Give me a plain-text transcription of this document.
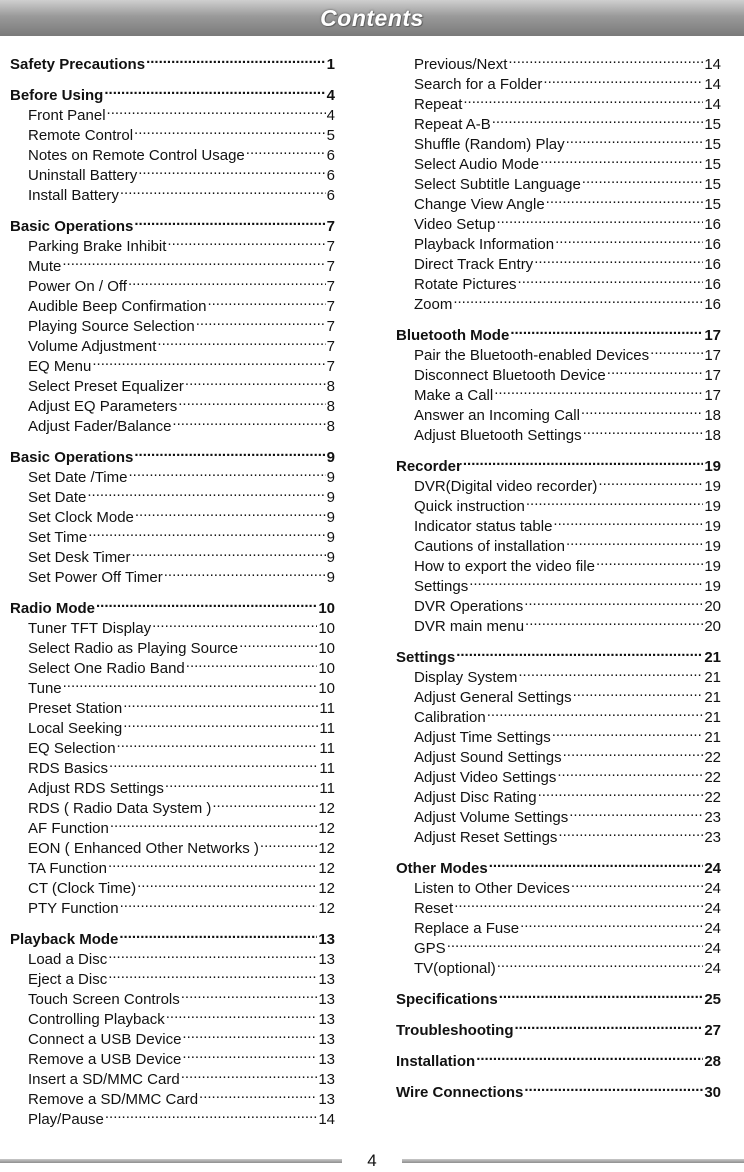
Contents
Safety Precautions .....	1
Before Using .....	4
Front Panel .....	4
Remote Control .....	5
Notes on Remote Control Usage .....	6
Uninstall Battery .....	6
Install Battery .....	6
Basic Operations .....	7
Parking Brake Inhibit .....	7
Mute .....	7
Power On / Off .....	7
Audible Beep Confirmation .....	7
Playing Source Selection .....	7
Volume Adjustment .....	7
EQ Menu .....	7
Select Preset Equalizer .....	8
Adjust EQ Parameters .....	8
Adjust Fader/Balance .....	8
Basic Operations .....	9
Set Date /Time .....	9
Set Date .....	9
Set Clock Mode .....	9
Set Time .....	9
Set Desk Timer .....	9
Set Power Off Timer .....	9
Radio Mode .....	10
Tuner TFT Display .....	10
Select Radio as Playing Source .....	10
Select One Radio Band .....	10
Tune .....	10
Preset Station .....	11
Local Seeking .....	11
EQ Selection .....	11
RDS Basics .....	11
Adjust RDS Settings .....	11
RDS ( Radio Data System ) .....	12
AF Function .....	12
EON ( Enhanced Other Networks ) .....	12
TA Function .....	12
CT (Clock Time) .....	12
PTY Function .....	12
Playback Mode .....	13
Load a Disc .....	13
Eject a Disc .....	13
Touch Screen Controls .....	13
Controlling Playback .....	13
Connect a USB Device .....	13
Remove a USB Device .....	13
Insert a SD/MMC Card .....	13
Remove a SD/MMC Card .....	13
Play/Pause .....	14
Previous/Next .....	14
Search for a Folder .....	14
Repeat .....	14
Repeat A-B .....	15
Shuffle (Random) Play .....	15
Select Audio Mode .....	15
Select Subtitle Language .....	15
Change View Angle .....	15
Video Setup .....	16
Playback Information .....	16
Direct Track Entry .....	16
Rotate Pictures .....	16
Zoom .....	16
Bluetooth Mode .....	17
Pair the Bluetooth-enabled Devices .....	17
Disconnect Bluetooth Device .....	17
Make a Call .....	17
Answer an Incoming Call .....	18
Adjust Bluetooth Settings .....	18
Recorder .....	19
DVR(Digital video recorder) .....	19
Quick instruction .....	19
Indicator status table .....	19
Cautions of installation .....	19
How to export the video file .....	19
Settings .....	19
DVR Operations .....	20
DVR main menu .....	20
Settings .....	21
Display System .....	21
Adjust General Settings .....	21
Calibration .....	21
Adjust Time Settings .....	21
Adjust Sound Settings .....	22
Adjust Video Settings .....	22
Adjust Disc Rating .....	22
Adjust Volume Settings .....	23
Adjust Reset Settings .....	23
Other Modes .....	24
Listen to Other Devices .....	24
Reset .....	24
Replace a Fuse .....	24
GPS .....	24
TV(optional) .....	24
Specifications .....	25
Troubleshooting .....	27
Installation .....	28
Wire Connections .....	30
4
